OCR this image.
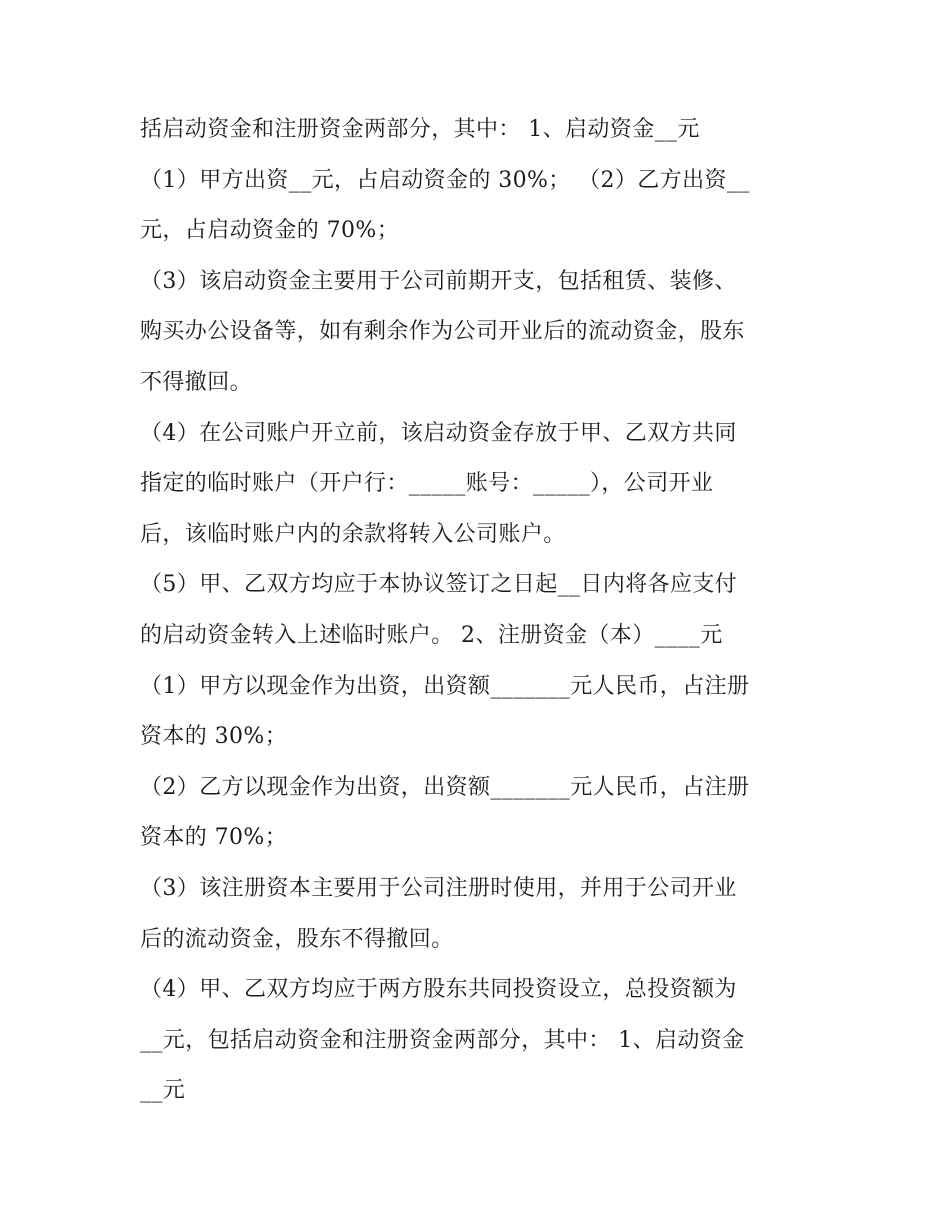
括启动资金和注册资金两部分，其中： 1、启动资金__元
（1）甲方出资__元，占启动资金的 30%； （2）乙方出资__
元，占启动资金的 70%；
（3）该启动资金主要用于公司前期开支，包括租赁、装修、
购买办公设备等，如有剩余作为公司开业后的流动资金，股东
不得撤回。
（4）在公司账户开立前，该启动资金存放于甲、乙双方共同
指定的临时账户（开户行：_____账号：_____），公司开业
后，该临时账户内的余款将转入公司账户。
（5）甲、乙双方均应于本协议签订之日起__日内将各应支付
的启动资金转入上述临时账户。 2、注册资金（本）____元
（1）甲方以现金作为出资，出资额_______元人民币，占注册
资本的 30%；
（2）乙方以现金作为出资，出资额_______元人民币，占注册
资本的 70%；
（3）该注册资本主要用于公司注册时使用，并用于公司开业
后的流动资金，股东不得撤回。
（4）甲、乙双方均应于两方股东共同投资设立，总投资额为
__元，包括启动资金和注册资金两部分，其中： 1、启动资金
__元
